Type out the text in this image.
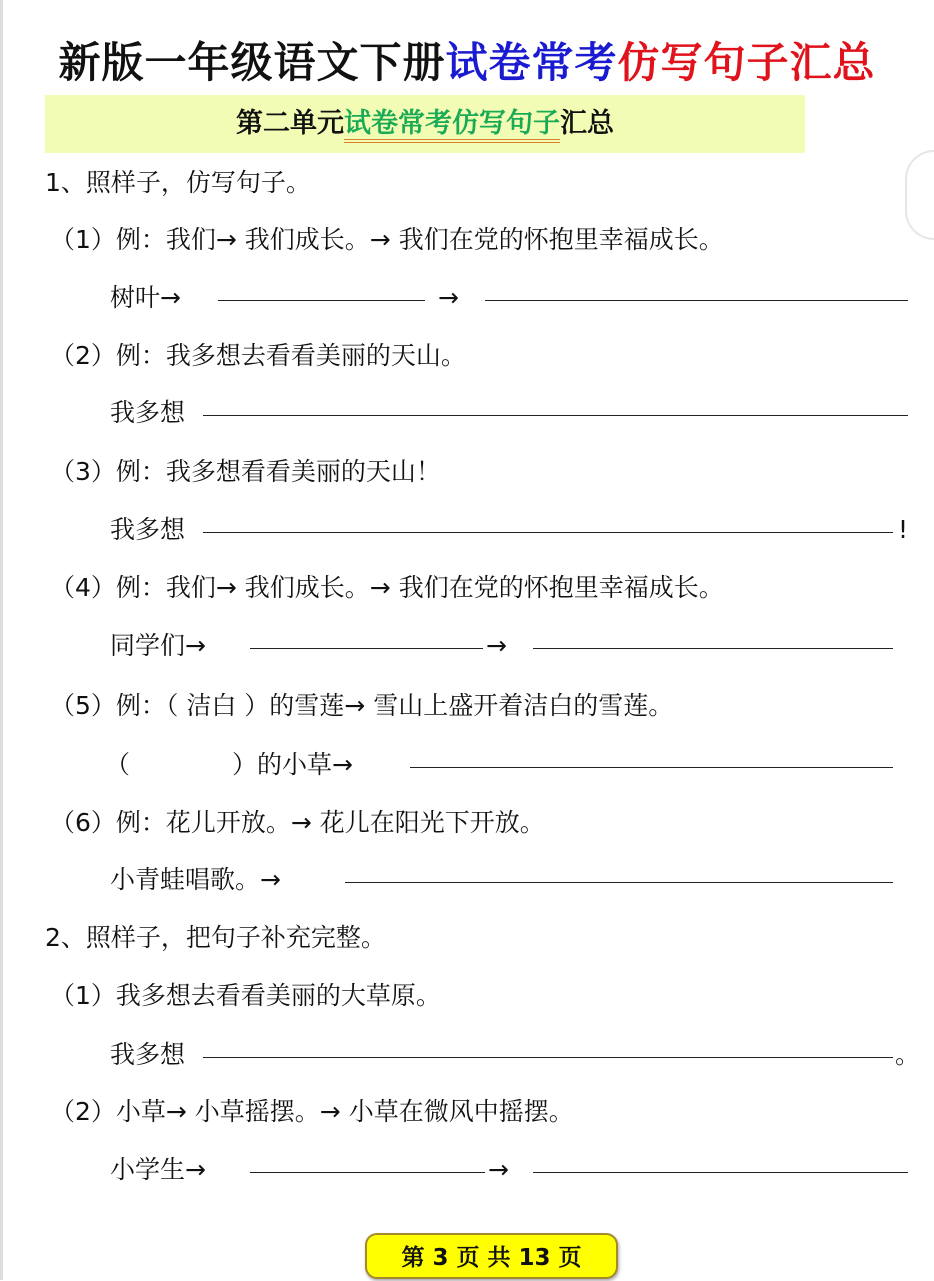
新版一年级语文下册试卷常考仿写句子汇总
第二单元试卷常考仿写句子汇总
1、照样子，仿写句子。
（1）例：我们→ 我们成长。→ 我们在党的怀抱里幸福成长。
树叶→	→
（2）例：我多想去看看美丽的天山。
我多想
（3）例：我多想看看美丽的天山！
我多想	!
（4）例：我们→ 我们成长。→ 我们在党的怀抱里幸福成长。
同学们→	→
（5）例：（ 洁白 ）的雪莲→ 雪山上盛开着洁白的雪莲。
（	）的小草→
（6）例：花儿开放。→ 花儿在阳光下开放。
小青蛙唱歌。→
2、照样子，把句子补充完整。
（1）我多想去看看美丽的大草原。
我多想	。
（2）小草→ 小草摇摆。→ 小草在微风中摇摆。
小学生→	→
第 3 页 共 13 页
